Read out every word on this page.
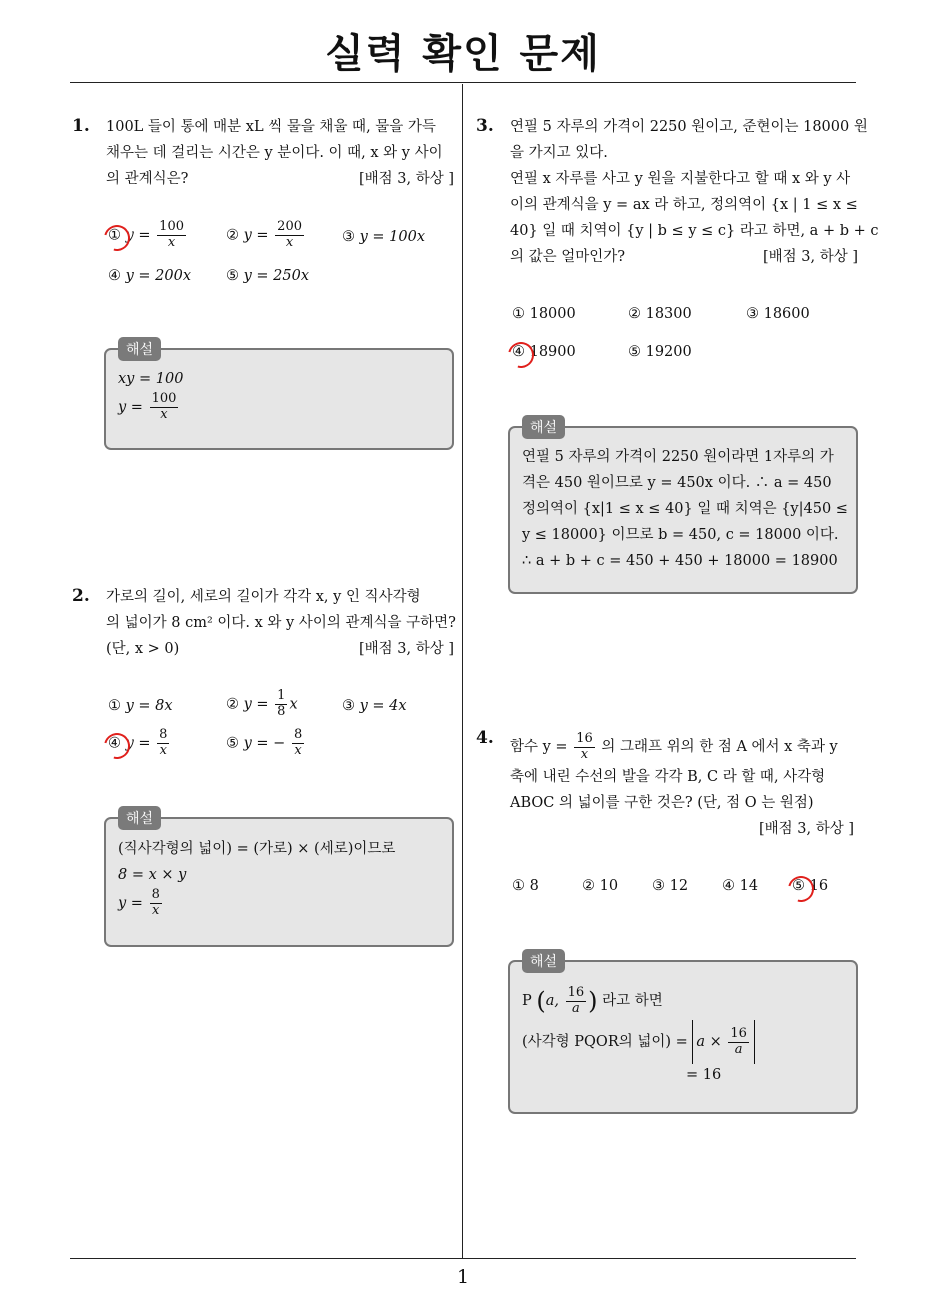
실력 확인 문제
1
1. 100L 들이 통에 매분 xL 씩 물을 채울 때, 물을 가득
채우는 데 걸리는 시간은 y 분이다. 이 때, x 와 y 사이
의 관계식은?	[배점 3, 하상 ]
① $y = \frac{100}{x}$	② $y = \frac{200}{x}$	③ y = 100x
④ y = 200x ⑤ y = 250x
해설
xy = 100
$y = \frac{100}{x}$
2. 가로의 길이, 세로의 길이가 각각 x, y 인 직사각형
의 넓이가 8 cm² 이다. x 와 y 사이의 관계식을 구하면?
(단, x > 0)	[배점 3, 하상 ]
① y = 8x	② $y = \frac{1}{8}$ x	③ y = 4x
④ $y = \frac{8}{x}$	⑤ y = − $\frac{8}{x}$
해설
(직사각형의 넓이) = (가로) × (세로)이므로
8 = x × y
$y = \frac{8}{x}$
3. 연필 5 자루의 가격이 2250 원이고, 준현이는 18000 원
을 가지고 있다.
연필 x 자루를 사고 y 원을 지불한다고 할 때 x 와 y 사
이의 관계식을 y = ax 라 하고, 정의역이 {x | 1 ≤ x ≤
40} 일 때 치역이 {y | b ≤ y ≤ c} 라고 하면, a + b + c
의 값은 얼마인가?	[배점 3, 하상 ]
① 18000	② 18300	③ 18600
④ 18900	⑤ 19200
해설
연필 5 자루의 가격이 2250 원이라면 1자루의 가
격은 450 원이므로 y = 450x 이다. ∴ a = 450
정의역이 {x|1 ≤ x ≤ 40} 일 때 치역은 {y|450 ≤
y ≤ 18000} 이므로 b = 450, c = 18000 이다.
∴ a + b + c = 450 + 450 + 18000 = 18900
4. 함수 $y = \frac{16}{x}$ 의 그래프 위의 한 점 A 에서 x 축과 y
축에 내린 수선의 발을 각각 B, C 라 할 때, 사각형
ABOC 의 넓이를 구한 것은? (단, 점 O 는 원점)
[배점 3, 하상 ]
① 8	② 10 ③ 12 ④ 14 ⑤ 16
해설
P (a, $\frac{16}{a}$ ) 라고 하면
(사각형 PQOR의 넓이) = $a \times \frac{16}{a}$
= 16
